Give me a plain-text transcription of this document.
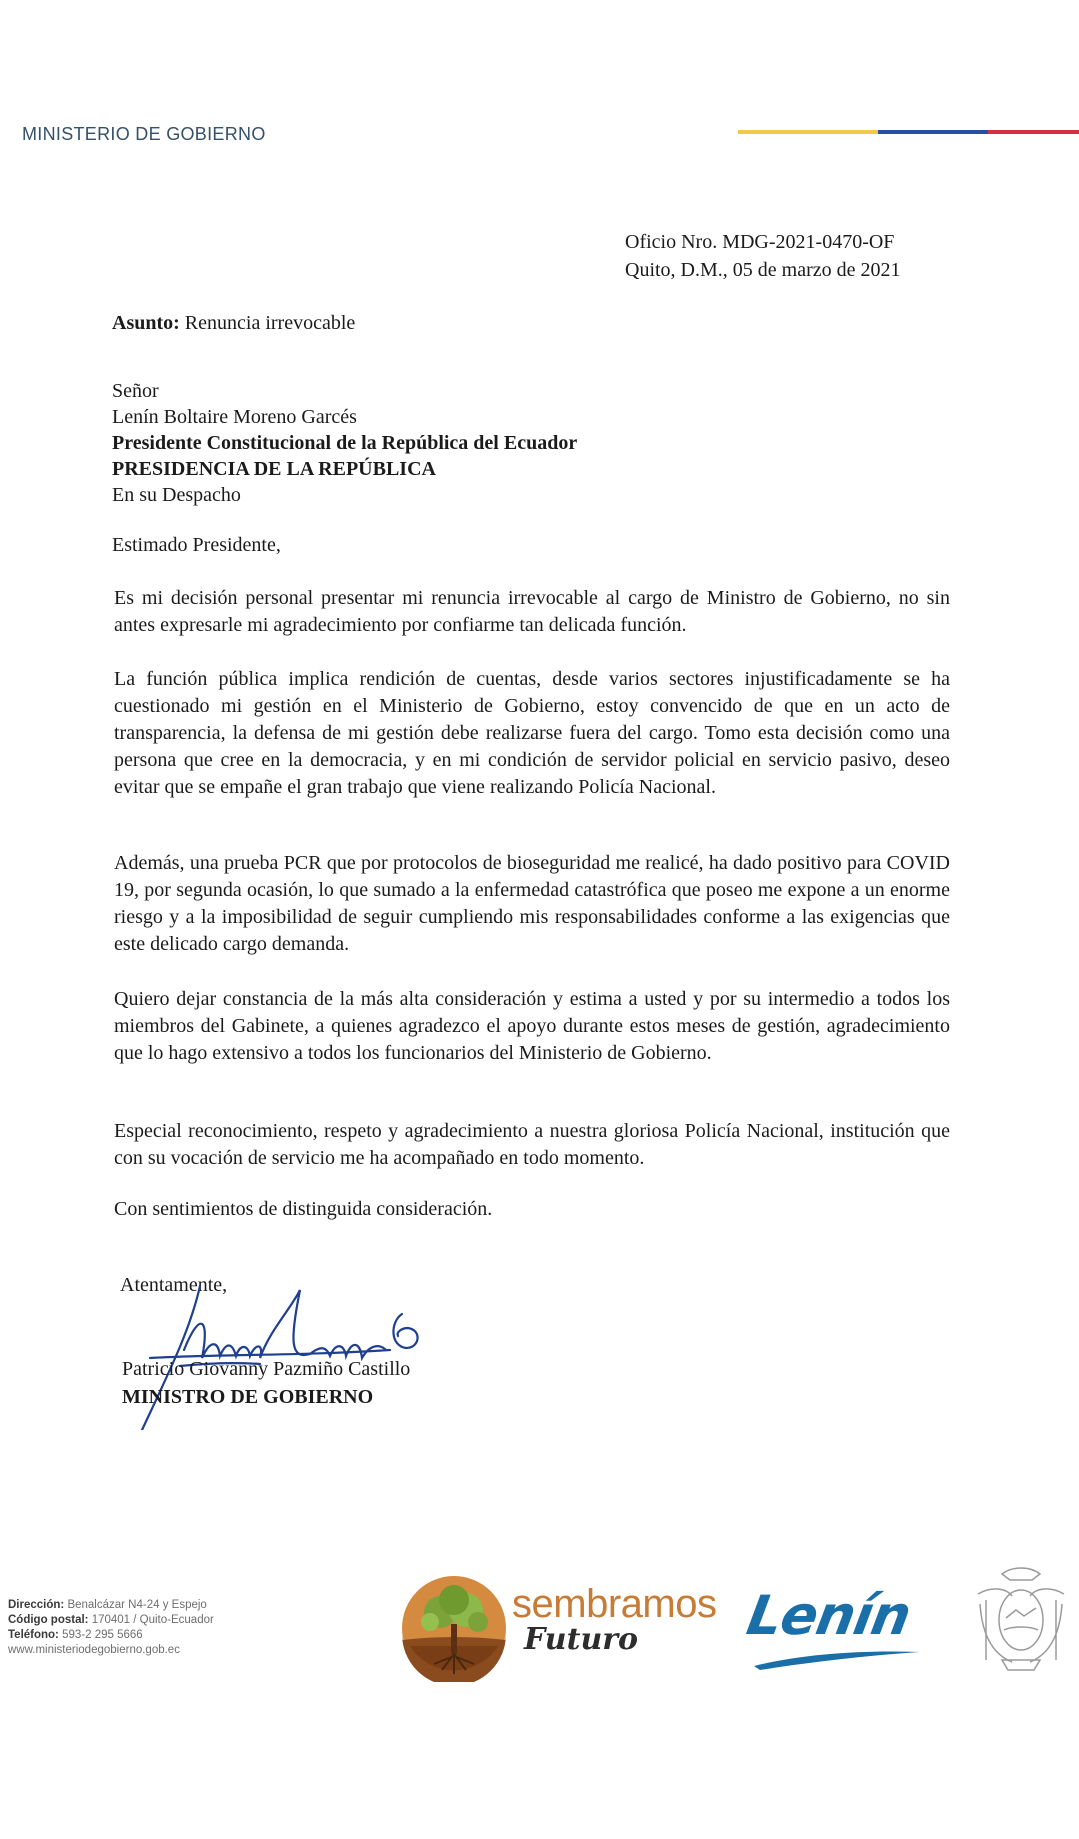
MINISTERIO DE GOBIERNO
Oficio Nro. MDG-2021-0470-OF
Quito, D.M., 05 de marzo de 2021
Asunto: Renuncia irrevocable
Señor
Lenín Boltaire Moreno Garcés
Presidente Constitucional de la República del Ecuador
PRESIDENCIA DE LA REPÚBLICA
En su Despacho
Estimado Presidente,

Es mi decisión personal presentar mi renuncia irrevocable al cargo de Ministro de Gobierno, no sin antes expresarle mi agradecimiento por confiarme tan delicada función.

La función pública implica rendición de cuentas, desde varios sectores injustificadamente se ha cuestionado mi gestión en el Ministerio de Gobierno, estoy convencido de que en un acto de transparencia, la defensa de mi gestión debe realizarse fuera del cargo. Tomo esta decisión como una persona que cree en la democracia, y en mi condición de servidor policial en servicio pasivo, deseo evitar que se empañe el gran trabajo que viene realizando Policía Nacional.

Además, una prueba PCR que por protocolos de bioseguridad me realicé, ha dado positivo para COVID 19, por segunda ocasión, lo que sumado a la enfermedad catastrófica que poseo me expone a un enorme riesgo y a la imposibilidad de seguir cumpliendo mis responsabilidades conforme a las exigencias que este delicado cargo demanda.

Quiero dejar constancia de la más alta consideración y estima a usted y por su intermedio a todos los miembros del Gabinete, a quienes agradezco el apoyo durante estos meses de gestión, agradecimiento que lo hago extensivo a todos los funcionarios del Ministerio de Gobierno.

Especial reconocimiento, respeto y agradecimiento a nuestra gloriosa Policía Nacional, institución que con su vocación de servicio me ha acompañado en todo momento.

Con sentimientos de distinguida consideración.

Atentamente,
Patricio Giovanny Pazmiño Castillo
MINISTRO DE GOBIERNO
Dirección: Benalcázar N4-24 y Espejo
Código postal: 170401 / Quito-Ecuador
Teléfono: 593-2 295 5666
www.ministeriodegobierno.gob.ec
sembramos
Futuro Lenín
